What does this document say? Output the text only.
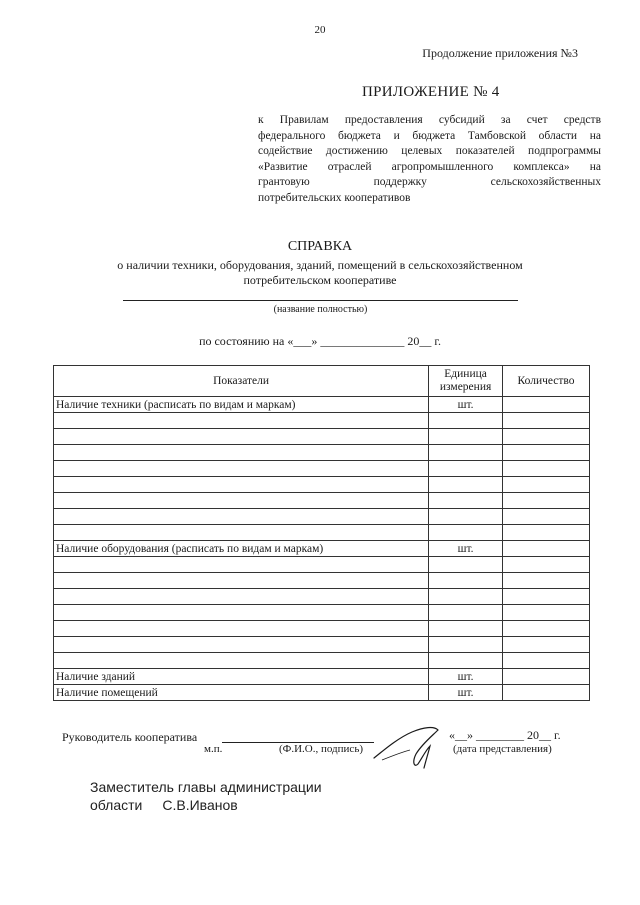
20
Продолжение приложения №3
ПРИЛОЖЕНИЕ № 4
к Правилам предоставления субсидий за счет средств
федерального бюджета и бюджета Тамбовской области на
содействие достижению целевых показателей подпрограммы
«Развитие отраслей агропромышленного комплекса» на
грантовую поддержку сельскохозяйственных
потребительских кооперативов
СПРАВКА
о наличии техники, оборудования, зданий, помещений в сельскохозяйственном
потребительском кооперативе
(название полностью)
по состоянию на «___» ______________ 20__ г.
Показатели	Единица измерения	Количество
Наличие техники (расписать по видам и маркам)	шт.	

Наличие оборудования (расписать по видам и маркам)	шт.	

Наличие зданий	шт.	
Наличие помещений	шт.	
Руководитель кооператива
м.п.	(Ф.И.О., подпись)
«__» ________ 20__ г.
(дата представления)
Заместитель главы администрации
области С.В.Иванов
